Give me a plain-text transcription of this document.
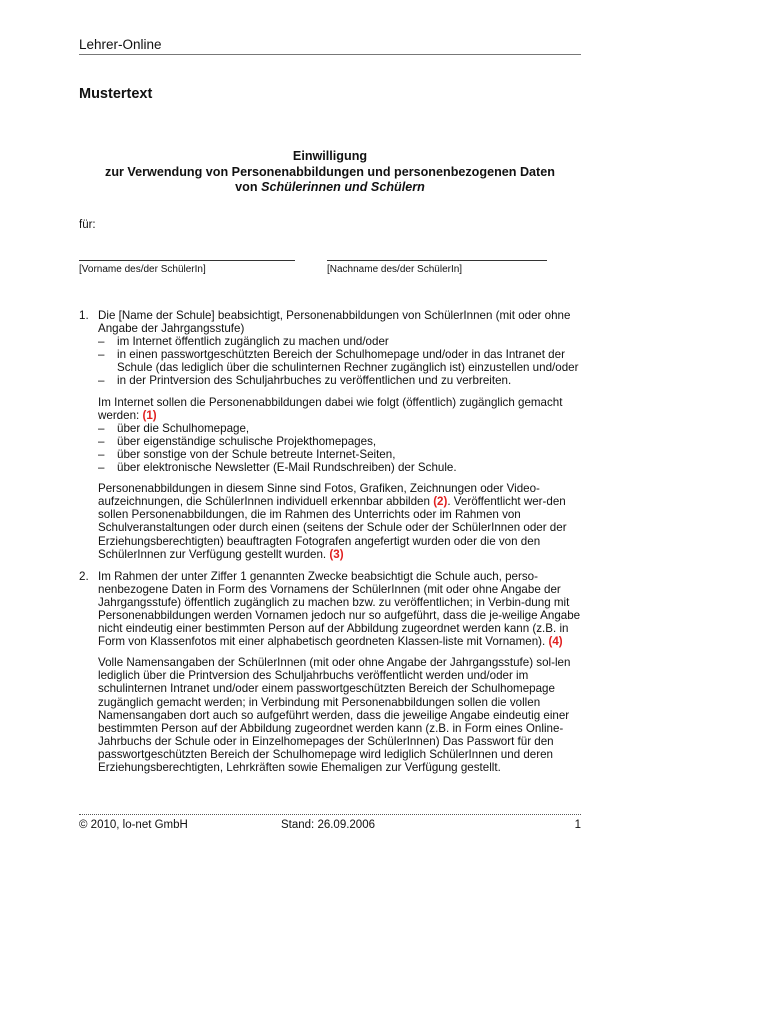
Lehrer-Online
Mustertext
Einwilligung
zur Verwendung von Personenabbildungen und personenbezogenen Daten
von Schülerinnen und Schülern
für:
[Vorname des/der SchülerIn]	[Nachname des/der SchülerIn]
1. Die [Name der Schule] beabsichtigt, Personenabbildungen von SchülerInnen (mit oder ohne Angabe der Jahrgangsstufe)

– im Internet öffentlich zugänglich zu machen und/oder
– in einen passwortgeschützten Bereich der Schulhomepage und/oder in das Intranet der Schule (das lediglich über die schulinternen Rechner zugänglich ist) einzustellen und/oder
– in der Printversion des Schuljahrbuches zu veröffentlichen und zu verbreiten.

Im Internet sollen die Personenabbildungen dabei wie folgt (öffentlich) zugänglich gemacht werden: (1)

– über die Schulhomepage,
– über eigenständige schulische Projekthomepages,
– über sonstige von der Schule betreute Internet-Seiten,
– über elektronische Newsletter (E-Mail Rundschreiben) der Schule.

Personenabbildungen in diesem Sinne sind Fotos, Grafiken, Zeichnungen oder Video-aufzeichnungen, die SchülerInnen individuell erkennbar abbilden (2). Veröffentlicht wer-den sollen Personenabbildungen, die im Rahmen des Unterrichts oder im Rahmen von Schulveranstaltungen oder durch einen (seitens der Schule oder der SchülerInnen oder der Erziehungsberechtigten) beauftragten Fotografen angefertigt wurden oder die von den SchülerInnen zur Verfügung gestellt wurden. (3)

2. Im Rahmen der unter Ziffer 1 genannten Zwecke beabsichtigt die Schule auch, perso-nenbezogene Daten in Form des Vornamens der SchülerInnen (mit oder ohne Angabe der Jahrgangsstufe) öffentlich zugänglich zu machen bzw. zu veröffentlichen; in Verbin-dung mit Personenabbildungen werden Vornamen jedoch nur so aufgeführt, dass die je-weilige Angabe nicht eindeutig einer bestimmten Person auf der Abbildung zugeordnet werden kann (z.B. in Form von Klassenfotos mit einer alphabetisch geordneten Klassen-liste mit Vornamen). (4)

Volle Namensangaben der SchülerInnen (mit oder ohne Angabe der Jahrgangsstufe) sol-len lediglich über die Printversion des Schuljahrbuchs veröffentlicht werden und/oder im schulinternen Intranet und/oder einem passwortgeschützten Bereich der Schulhomepage zugänglich gemacht werden; in Verbindung mit Personenabbildungen sollen die vollen Namensangaben dort auch so aufgeführt werden, dass die jeweilige Angabe eindeutig einer bestimmten Person auf der Abbildung zugeordnet werden kann (z.B. in Form eines Online-Jahrbuchs der Schule oder in Einzelhomepages der SchülerInnen) Das Passwort für den passwortgeschützten Bereich der Schulhomepage wird lediglich SchülerInnen und deren Erziehungsberechtigten, Lehrkräften sowie Ehemaligen zur Verfügung gestellt.

© 2010, lo-net GmbH	Stand: 26.09.2006	1
